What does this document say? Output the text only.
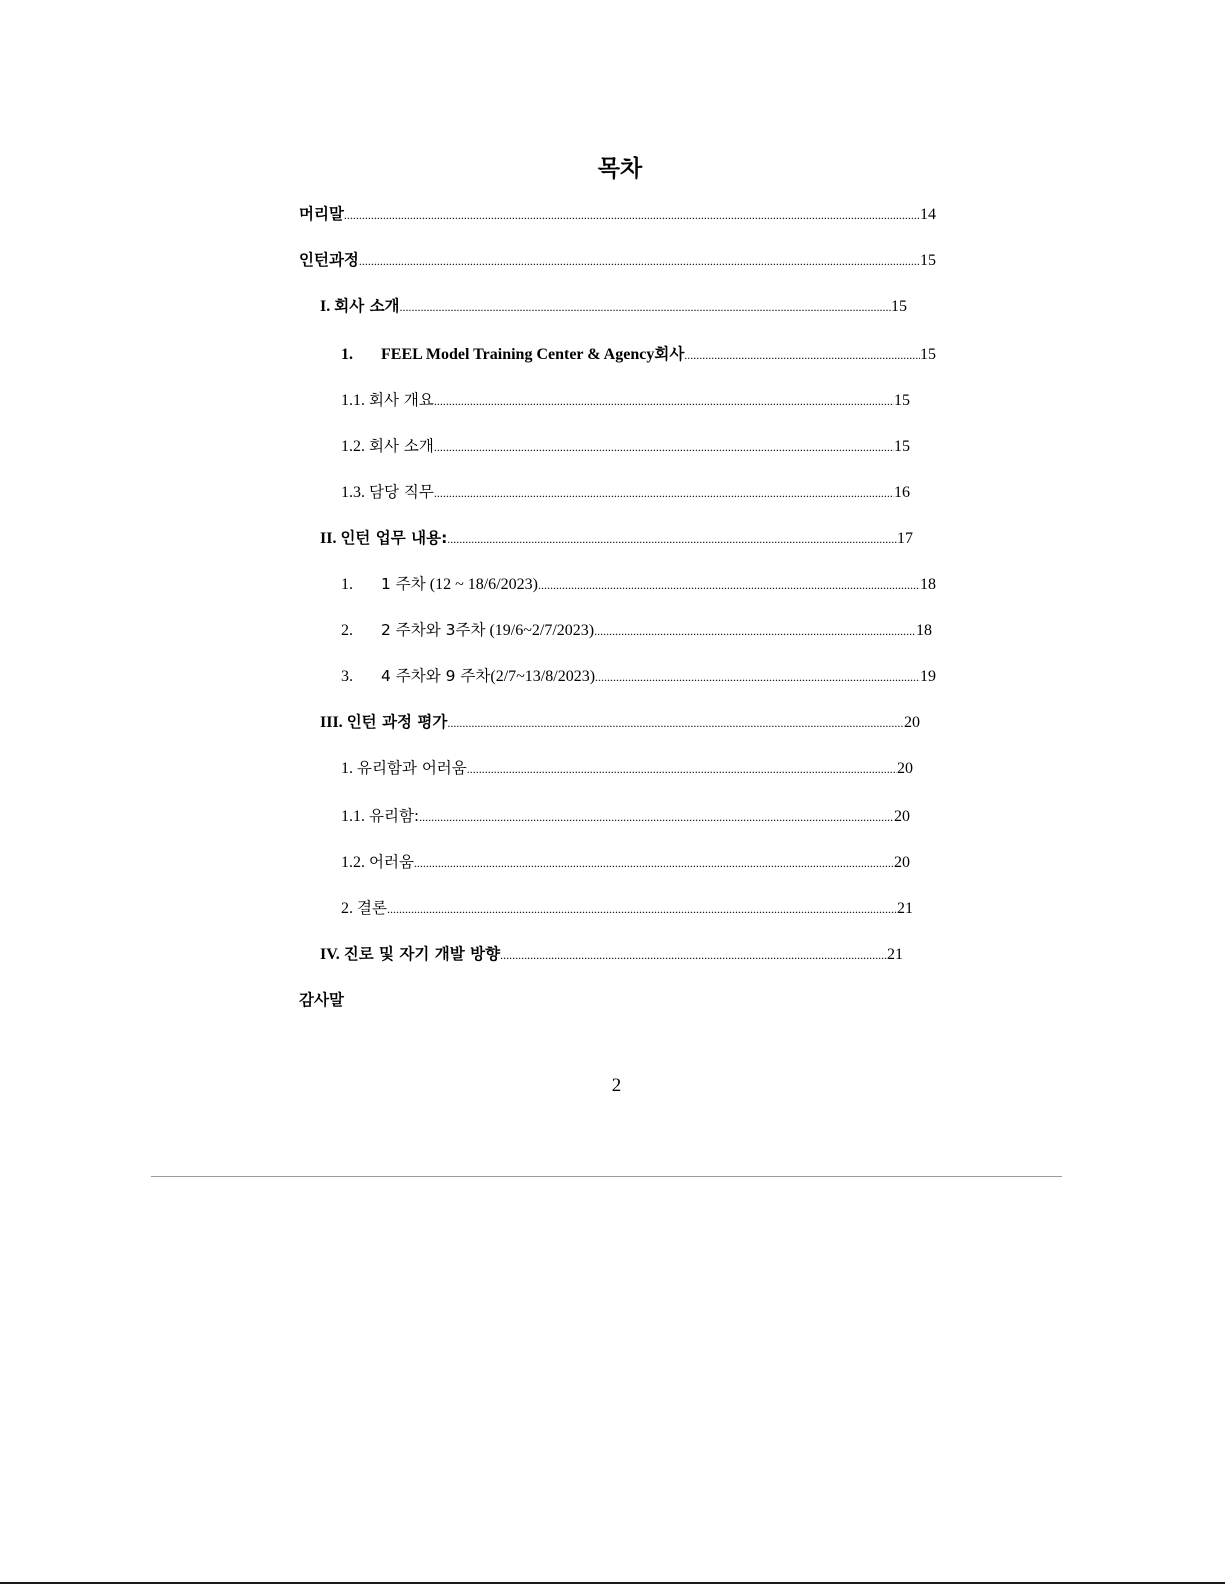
목차
머리말 .....	14
인턴과정 .....	15
I. 회사 소개 .....	15
1.	FEEL Model Training Center & Agency 회사 .....	15
1.1. 회사 개요 .....	15
1.2. 회사 소개 .....	15
1.3. 담당 직무 .....	16
II. 인턴 업무 내용: .....	17
1.	1 주차 (12 ~ 18/6/2023) .....	18
2.	2 주차와 3주차 (19/6~2/7/2023) .....	18
3.	4 주차와 9 주차 (2/7~13/8/2023) .....	19
III. 인턴 과정 평가 .....	20
1. 유리함과 어러움 .....	20
1.1. 유리함: .....	20
1.2. 어러움 .....	20
2. 결론 .....	21
IV. 진로 및 자기 개발 방향 .....	21
감사말
2
